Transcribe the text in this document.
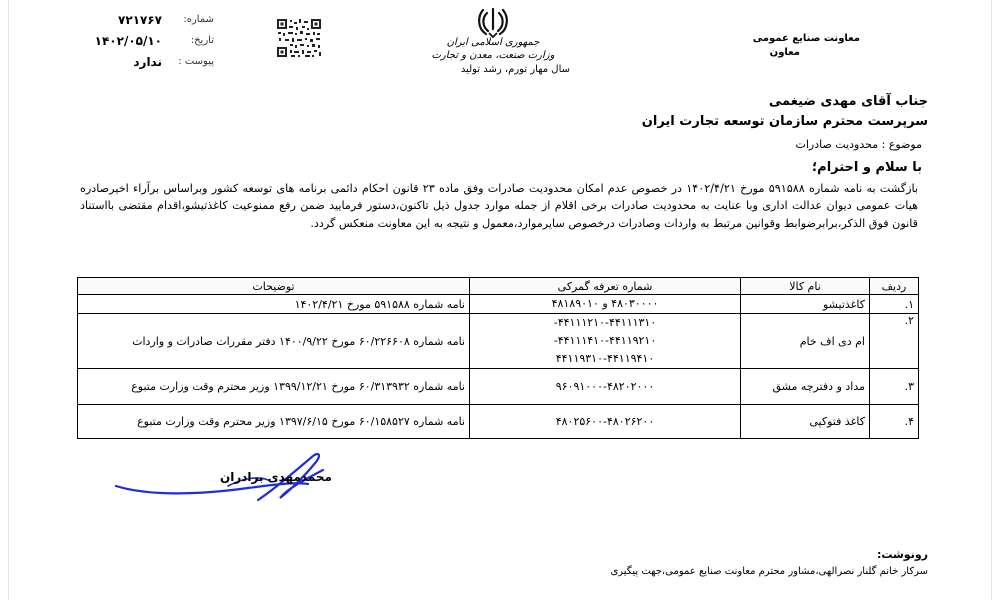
شماره:
۷۲۱۷۶۷
تاریخ:
۱۴۰۲/۰۵/۱۰
پیوست :
ندارد
جمهوری اسلامی ایران
وزارت صنعت، معدن و تجارت
سال مهار تورم، رشد تولید
معاونت صنایع عمومی
معاون
جناب آقای مهدی ضیغمی
سرپرست محترم سازمان توسعه تجارت ایران
موضوع : محدودیت صادرات
با سلام و احترام؛
بازگشت به نامه شماره ۵۹۱۵۸۸ مورخ ۱۴۰۲/۴/۲۱ در خصوص عدم امکان محدودیت صادرات وفق ماده ۲۳ قانون احکام دائمی برنامه های توسعه کشور وبراساس برآراء اخیرصادره هیات عمومی دیوان عدالت اداری وبا عنایت به محدودیت صادرات برخی اقلام از جمله موارد جدول ذیل تاکنون،دستور فرمایید ضمن رفع ممنوعیت کاغذتیشو،اقدام مقتضی بااستناد قانون فوق الذکر،برابرضوابط وقوانین مرتبط به واردات وصادرات درخصوص سایرموارد،معمول و نتیجه به این معاونت منعکس گردد.
ردیف	نام کالا	شماره تعرفه گمرکی	توضیحات
۱.	کاغذتیشو	۴۸۰۳۰۰۰۰ و ۴۸۱۸۹۰۱۰	نامه شماره ۵۹۱۵۸۸ مورخ ۱۴۰۲/۴/۲۱
۲.	ام دی اف خام	۴۴۱۱۱۲۱۰-۴۴۱۱۱۳۱۰-
۴۴۱۱۱۴۱۰-۴۴۱۱۹۲۱۰-
۴۴۱۱۹۳۱۰-۴۴۱۱۹۴۱۰	نامه شماره ۶۰/۲۲۶۶۰۸ مورخ ۱۴۰۰/۹/۲۲ دفتر مقررات صادرات و واردات
۳.	مداد و دفترچه مشق	۹۶۰۹۱۰۰۰-۴۸۲۰۲۰۰۰	نامه شماره ۶۰/۳۱۳۹۳۲ مورخ ۱۳۹۹/۱۲/۲۱ وزیر محترم وقت وزارت متبوع
۴.	کاغذ فتوکپی	۴۸۰۲۵۶۰۰-۴۸۰۲۶۲۰۰	نامه شماره ۶۰/۱۵۸۵۲۷ مورخ ۱۳۹۷/۶/۱۵ وزیر محترم وقت وزارت متبوع
محمدمهدی برادران
رونوشت:
سرکار خانم گلنار نصرالهی،مشاور محترم معاونت صنایع عمومی،جهت پیگیری
